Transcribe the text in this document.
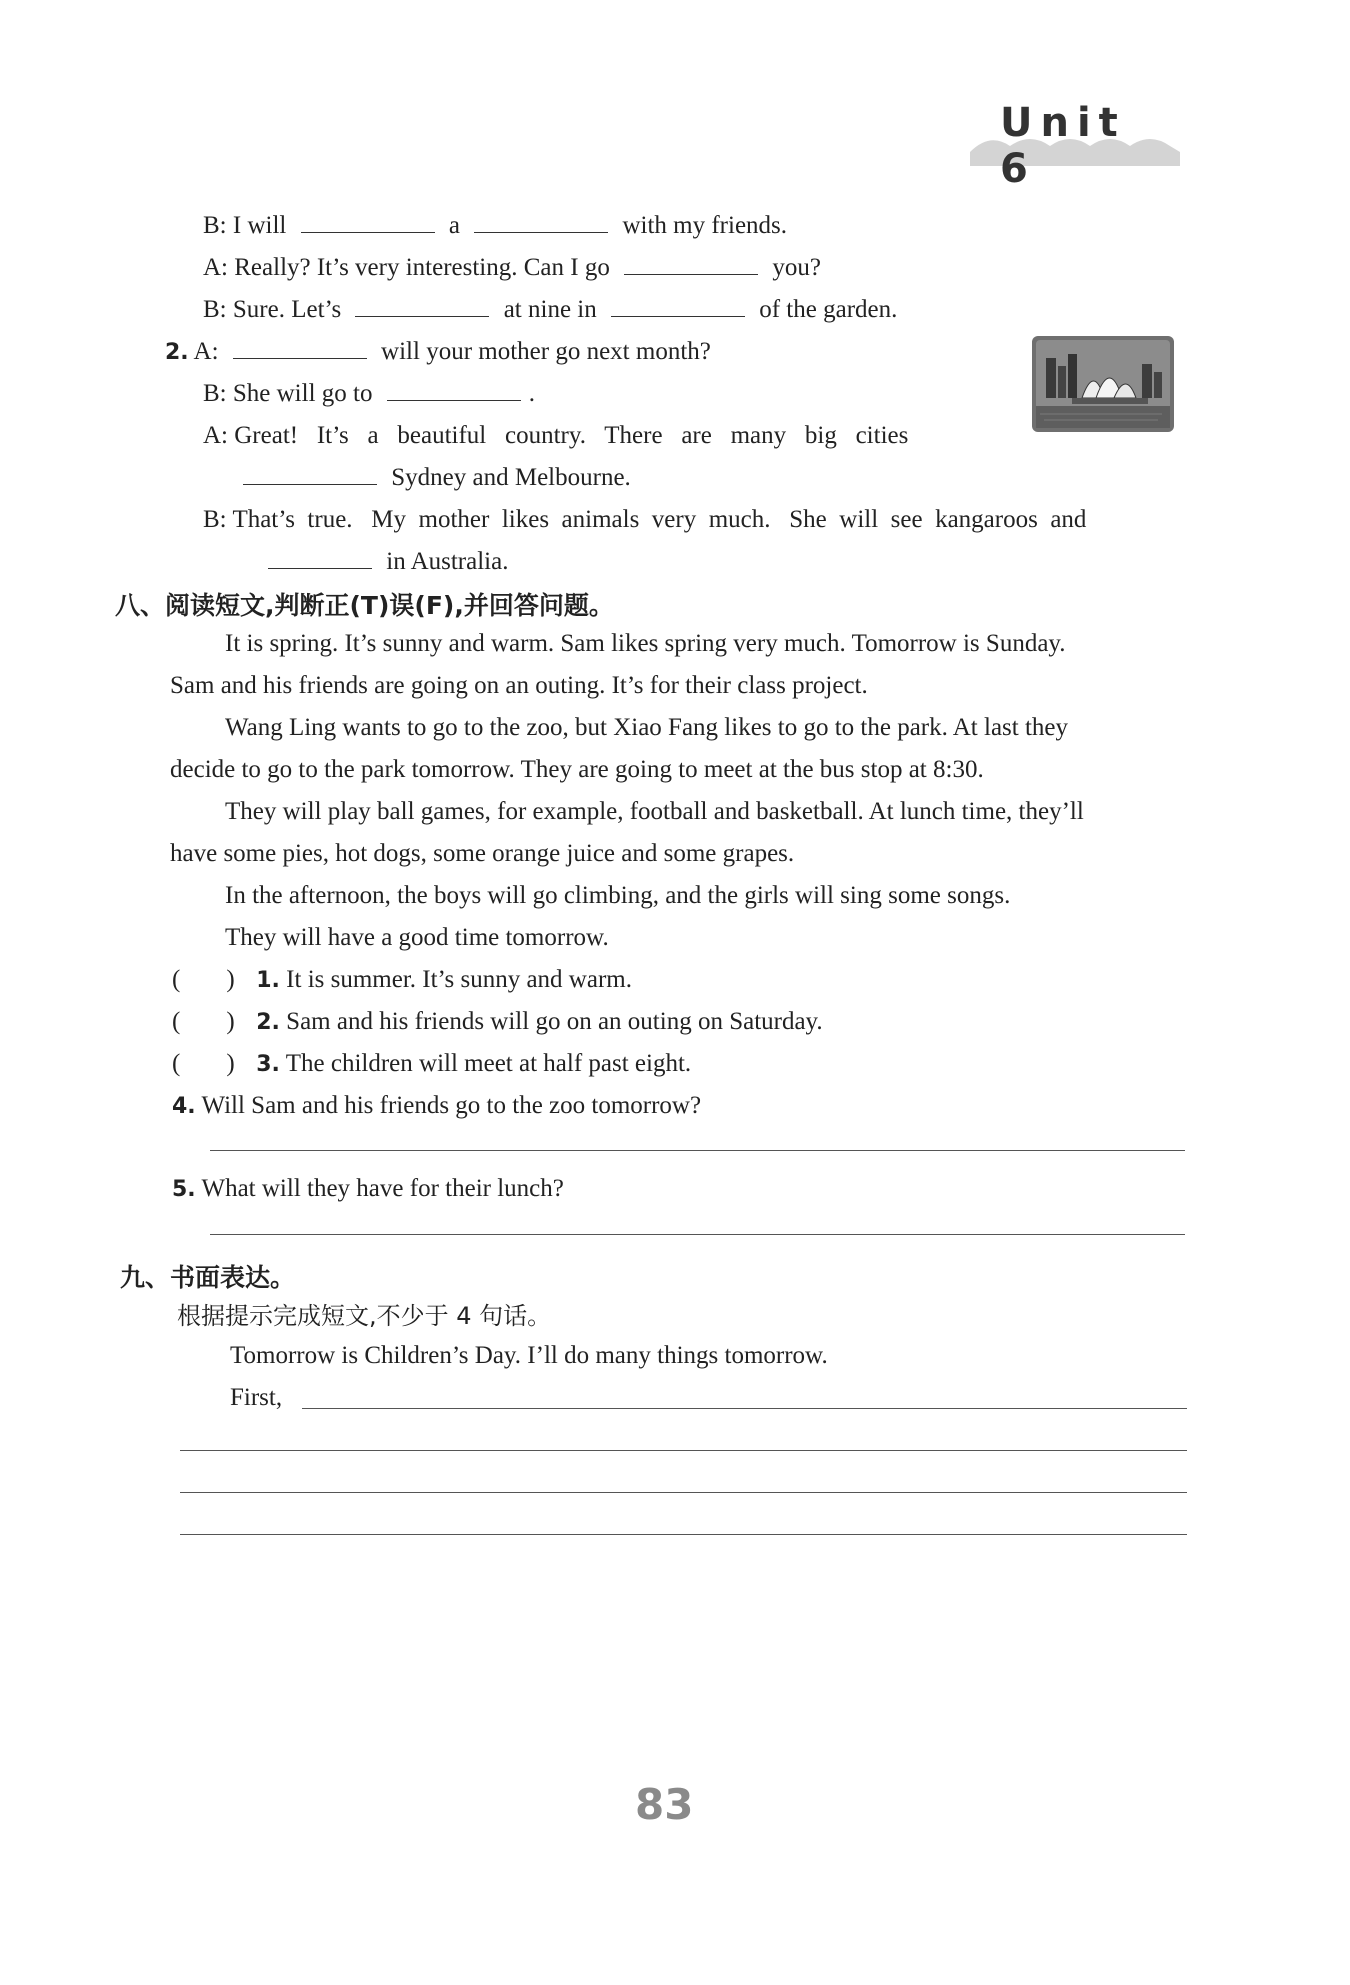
Unit 6
B: I will	a	with my friends.
A: Really? It’s very interesting. Can I go	you?
B: Sure. Let’s	at nine in	of the garden.
2. A:	will your mother go next month?
B: She will go to	.
A: Great!   It’s   a   beautiful   country.   There   are   many   big   cities
Sydney and Melbourne.
B: That’s  true.   My  mother  likes  animals  very  much.   She  will  see  kangaroos  and
in Australia.
八、阅读短文,判断正(T)误(F),并回答问题。
It is spring. It’s sunny and warm. Sam likes spring very much. Tomorrow is Sunday.
Sam and his friends are going on an outing. It’s for their class project.
Wang Ling wants to go to the zoo, but Xiao Fang likes to go to the park. At last they
decide to go to the park tomorrow. They are going to meet at the bus stop at 8:30.
They will play ball games, for example, football and basketball. At lunch time, they’ll
have some pies, hot dogs, some orange juice and some grapes.
In the afternoon, the boys will go climbing, and the girls will sing some songs.
They will have a good time tomorrow.
( ) 1. It is summer. It’s sunny and warm.
( ) 2. Sam and his friends will go on an outing on Saturday.
( ) 3. The children will meet at half past eight.
4. Will Sam and his friends go to the zoo tomorrow?
5. What will they have for their lunch?
九、书面表达。
根据提示完成短文,不少于 4 句话。
Tomorrow is Children’s Day. I’ll do many things tomorrow.
First,
83
